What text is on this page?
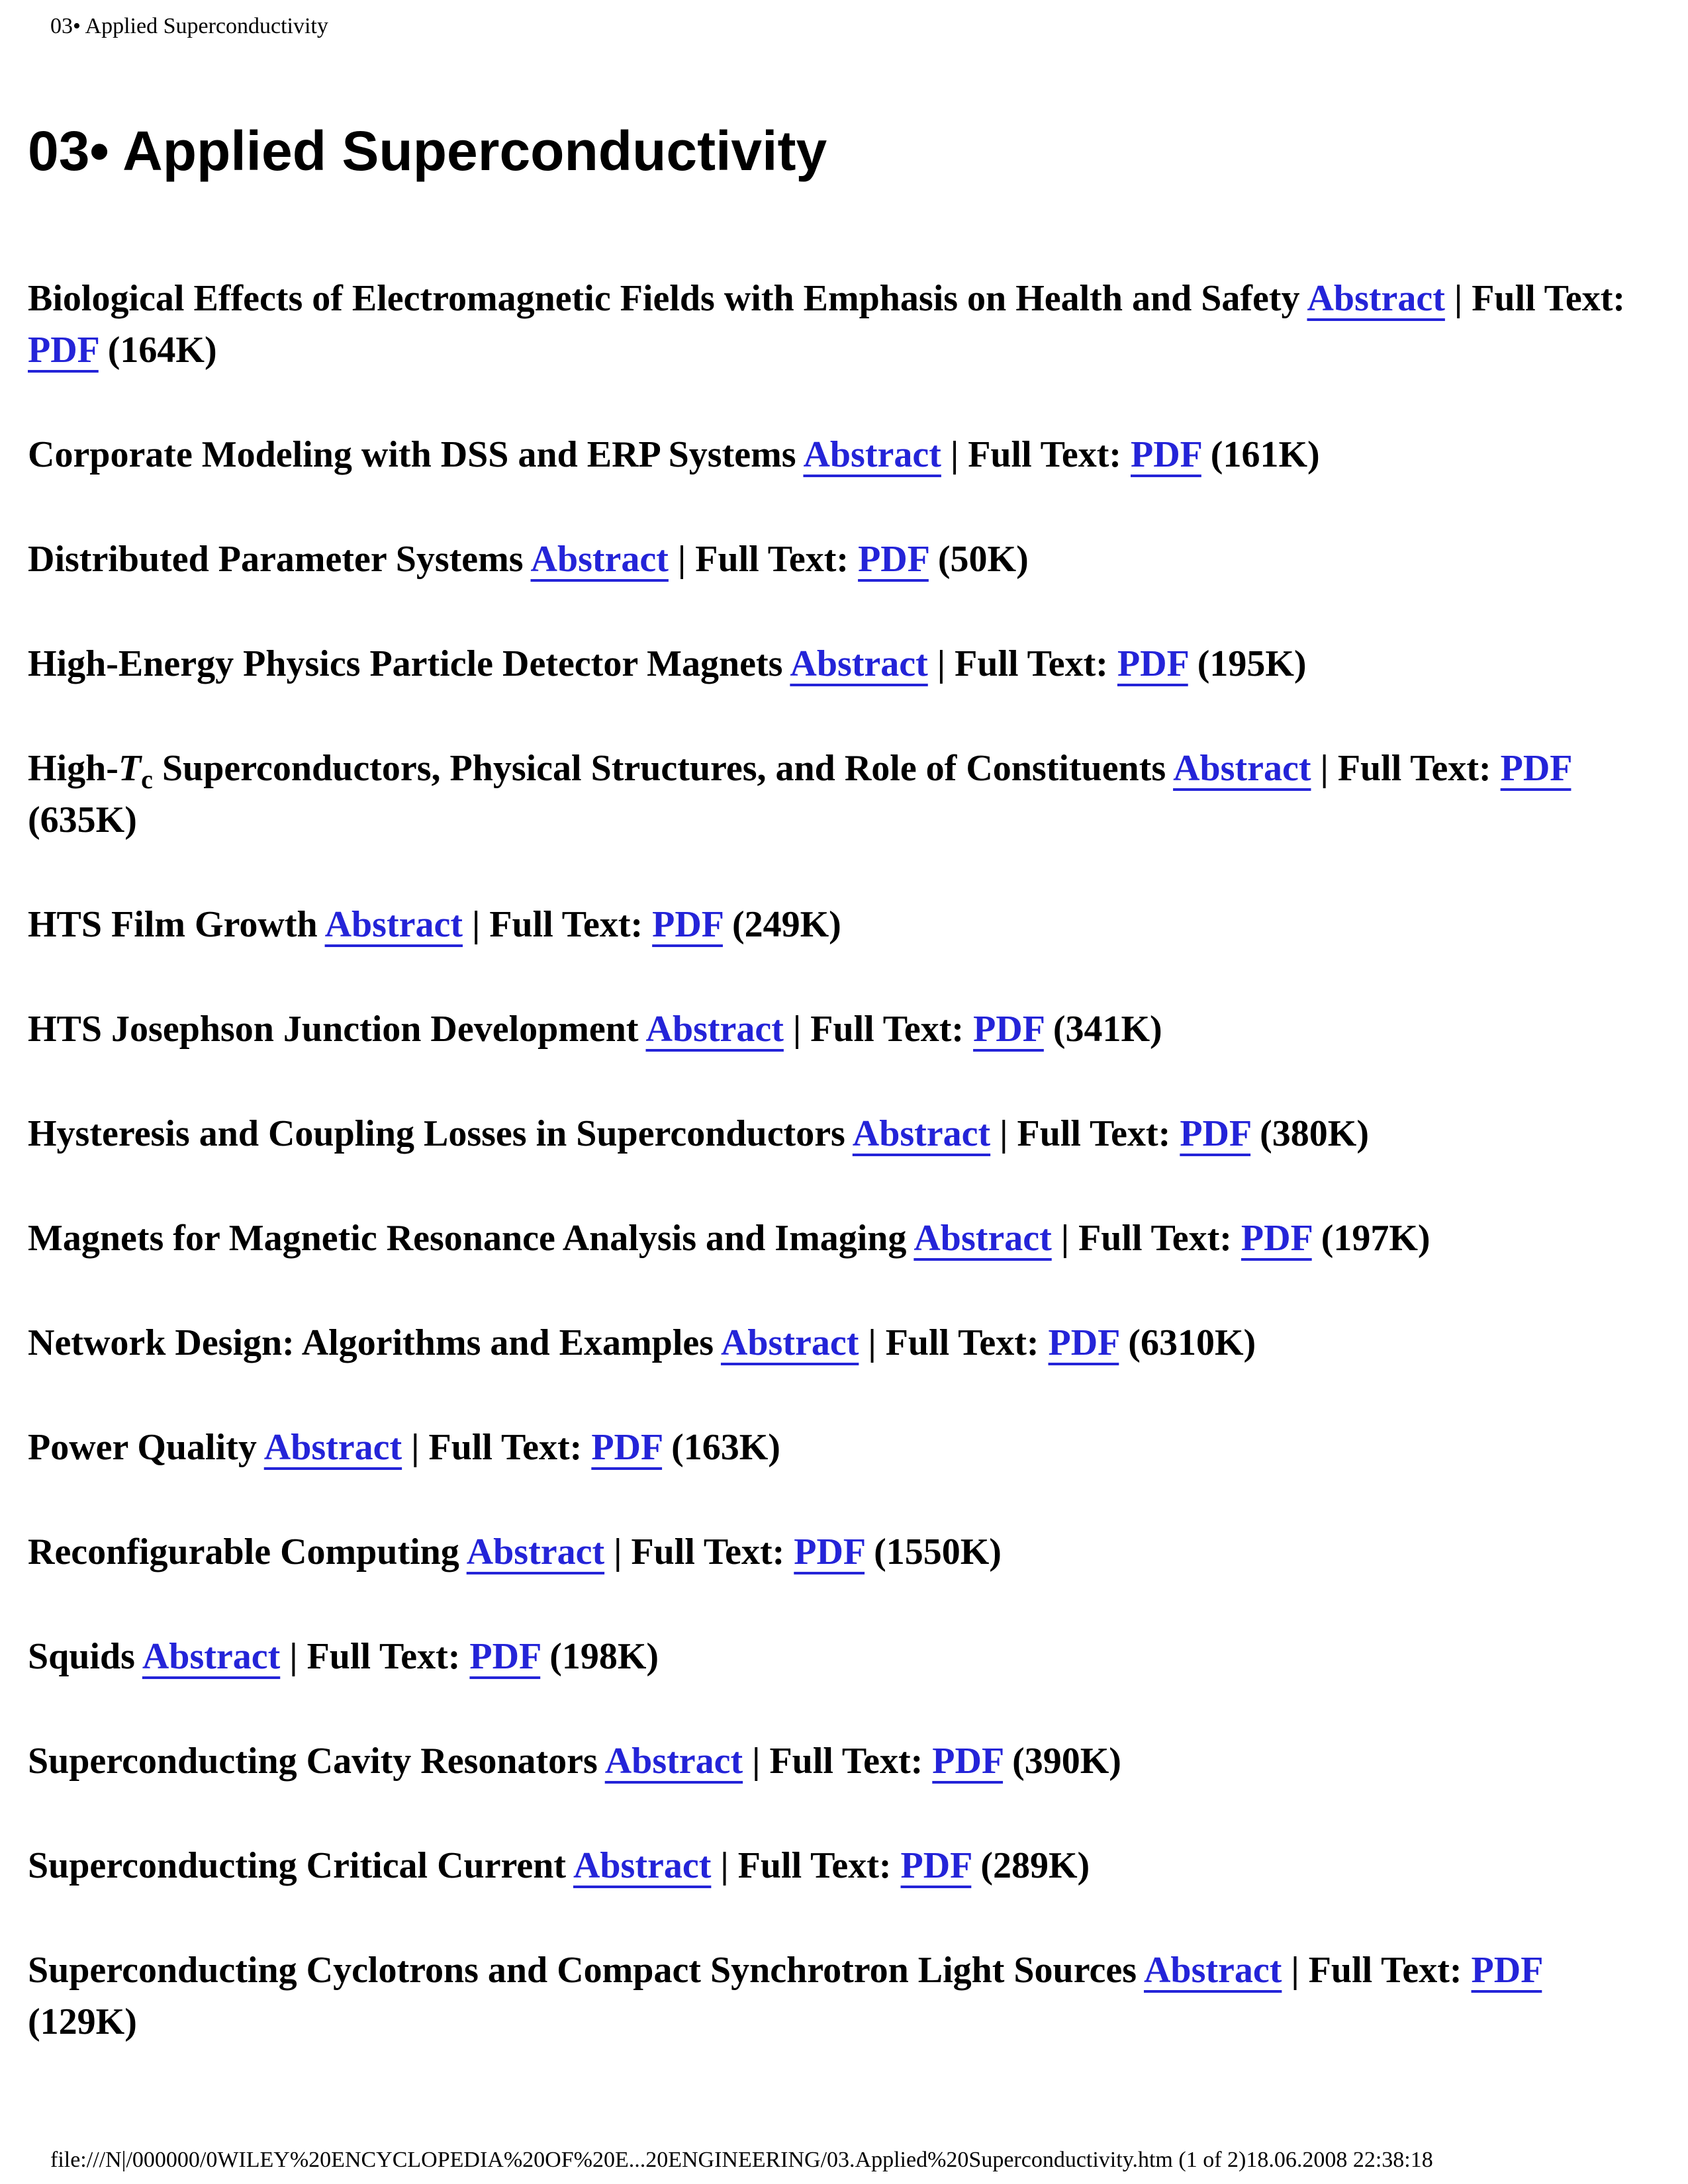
03• Applied Superconductivity
03• Applied Superconductivity

Biological Effects of Electromagnetic Fields with Emphasis on Health and Safety Abstract | Full Text: PDF (164K)

Corporate Modeling with DSS and ERP Systems Abstract | Full Text: PDF (161K)

Distributed Parameter Systems Abstract | Full Text: PDF (50K)

High-Energy Physics Particle Detector Magnets Abstract | Full Text: PDF (195K)

High-$T_c$ Superconductors, Physical Structures, and Role of Constituents Abstract | Full Text: PDF (635K)

HTS Film Growth Abstract | Full Text: PDF (249K)

HTS Josephson Junction Development Abstract | Full Text: PDF (341K)

Hysteresis and Coupling Losses in Superconductors Abstract | Full Text: PDF (380K)

Magnets for Magnetic Resonance Analysis and Imaging Abstract | Full Text: PDF (197K)

Network Design: Algorithms and Examples Abstract | Full Text: PDF (6310K)

Power Quality Abstract | Full Text: PDF (163K)

Reconfigurable Computing Abstract | Full Text: PDF (1550K)

Squids Abstract | Full Text: PDF (198K)

Superconducting Cavity Resonators Abstract | Full Text: PDF (390K)

Superconducting Critical Current Abstract | Full Text: PDF (289K)

Superconducting Cyclotrons and Compact Synchrotron Light Sources Abstract | Full Text: PDF (129K)

file:///N|/000000/0WILEY%20ENCYCLOPEDIA%20OF%20E...20ENGINEERING/03.Applied%20Superconductivity.htm (1 of 2)18.06.2008 22:38:18
